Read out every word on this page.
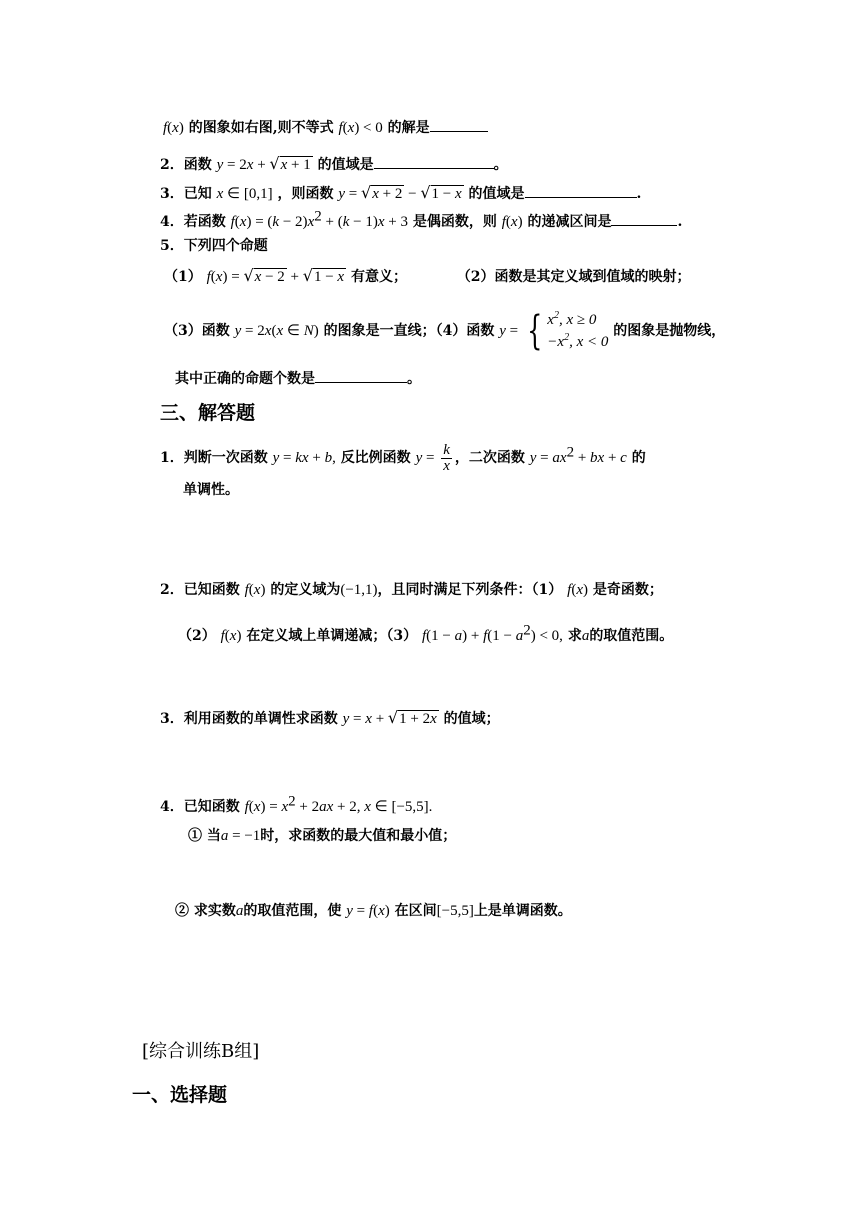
f(x) 的图象如右图,则不等式 f(x) < 0 的解是
2．函数 y = 2x + √x + 1 的值域是	。
3．已知 x ∈ [0,1] ，则函数 y = √x + 2 − √1 − x 的值域是	.
4．若函数 $f(x) = (k - 2)x^2 + (k - 1)x + 3$ 是偶函数，则 f(x) 的递减区间是	.
5．下列四个命题
（1） f(x) = √x − 2 + √1 − x 有意义；	（2）函数是其定义域到值域的映射；
（3）函数 y = 2x(x ∈ N) 的图象是一直线；（4）函数 y = { $x^2$, x ≥ 0
$-x^2$, x < 0
的图象是抛物线，
其中正确的命题个数是	。
三、解答题
1．判断一次函数 y = kx + b, 反比例函数 $y = \frac{k}{x}$ ，二次函数 $y = ax^2$ + bx + c 的
单调性。
2．已知函数 f(x) 的定义域为(−1,1)，且同时满足下列条件：（1） f(x) 是奇函数；
（2） f(x) 在定义域上单调递减；（3） $f(1 - a) + f(1 - a^2) < 0$, 求a的取值范围。
3．利用函数的单调性求函数 y = x + √1 + 2x 的值域；
4．已知函数 $f(x) = x^2 + 2ax + 2$, x ∈ [−5,5].
① 当a = −1时，求函数的最大值和最小值；
② 求实数a的取值范围，使 y = f(x) 在区间[−5,5]上是单调函数。
[综合训练B组]
一、选择题
